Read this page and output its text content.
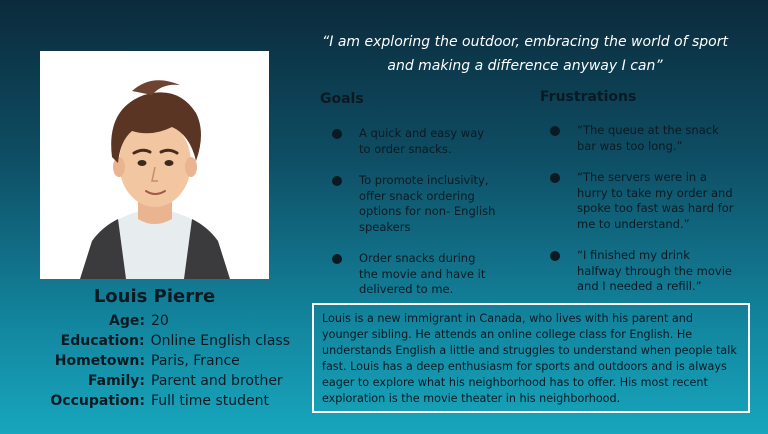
Louis Pierre
Age: 20
Education: Online English class
Hometown: Paris, France
Family: Parent and brother
Occupation: Full time student
“I am exploring the outdoor, embracing the world of sport
and making a difference anyway I can”
Goals
A quick and easy way to order snacks.
To promote inclusivity, offer snack ordering options for non- English speakers
Order snacks during the movie and have it delivered to me.
Frustrations
“The queue at the snack bar was too long.”
“The servers were in a hurry to take my order and spoke too fast was hard for me to understand.”
“I finished my drink halfway through the movie and I needed a refill.”
Louis is a new immigrant in Canada, who lives with his parent and younger sibling. He attends an online college class for English. He understands English a little and struggles to understand when people talk fast. Louis has a deep enthusiasm for sports and outdoors and is always eager to explore what his neighborhood has to offer. His most recent exploration is the movie theater in his neighborhood.
